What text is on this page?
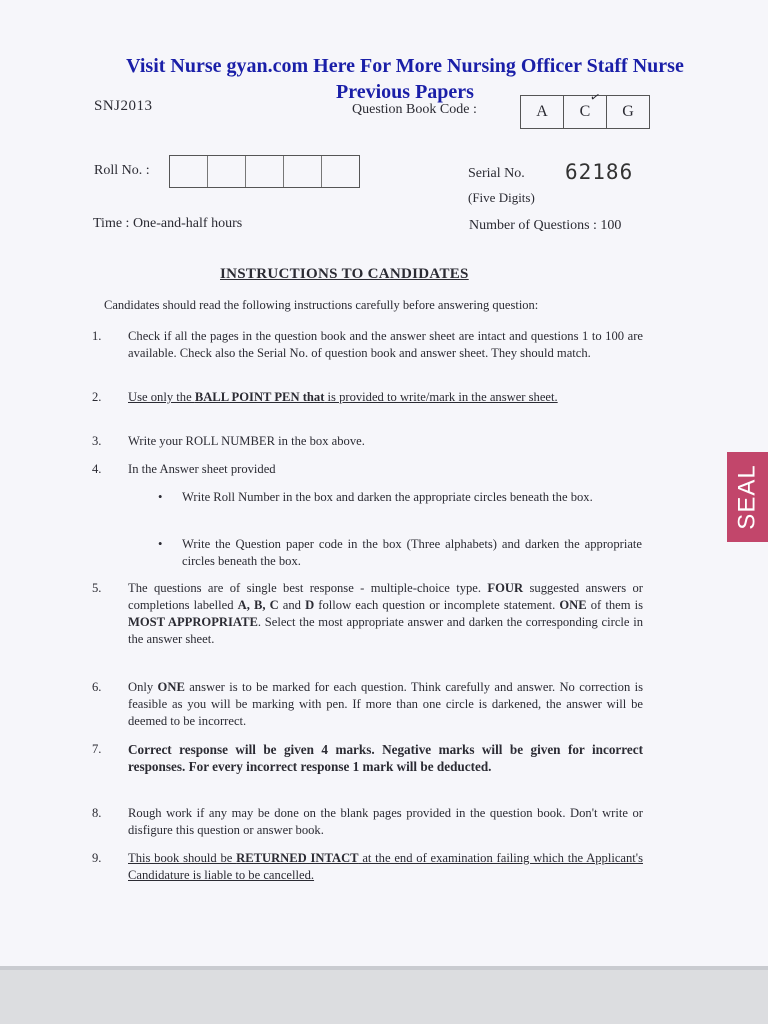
Visit Nurse gyan.com Here For More Nursing Officer Staff Nurse
Previous Papers
SNJ2013	Question Book Code :	A	C	G
✓
Roll No. :	Serial No. 62186
(Five Digits)
Time : One-and-half hours	Number of Questions : 100
INSTRUCTIONS TO CANDIDATES
Candidates should read the following instructions carefully before answering question:
1. Check if all the pages in the question book and the answer sheet are intact and questions 1 to 100 are available. Check also the Serial No. of question book and answer sheet. They should match.
2. Use only the BALL POINT PEN that is provided to write/mark in the answer sheet.
3. Write your ROLL NUMBER in the box above.
4. In the Answer sheet provided
• Write Roll Number in the box and darken the appropriate circles beneath the box.
• Write the Question paper code in the box (Three alphabets) and darken the appropriate circles beneath the box.
5. The questions are of single best response - multiple-choice type. FOUR suggested answers or completions labelled A, B, C and D follow each question or incomplete statement. ONE of them is MOST APPROPRIATE. Select the most appropriate answer and darken the corresponding circle in the answer sheet.
6. Only ONE answer is to be marked for each question. Think carefully and answer. No correction is feasible as you will be marking with pen. If more than one circle is darkened, the answer will be deemed to be incorrect.
7. Correct response will be given 4 marks. Negative marks will be given for incorrect responses. For every incorrect response 1 mark will be deducted.
8. Rough work if any may be done on the blank pages provided in the question book. Don't write or disfigure this question or answer book.
9. This book should be RETURNED INTACT at the end of examination failing which the Applicant's Candidature is liable to be cancelled.
SEAL
